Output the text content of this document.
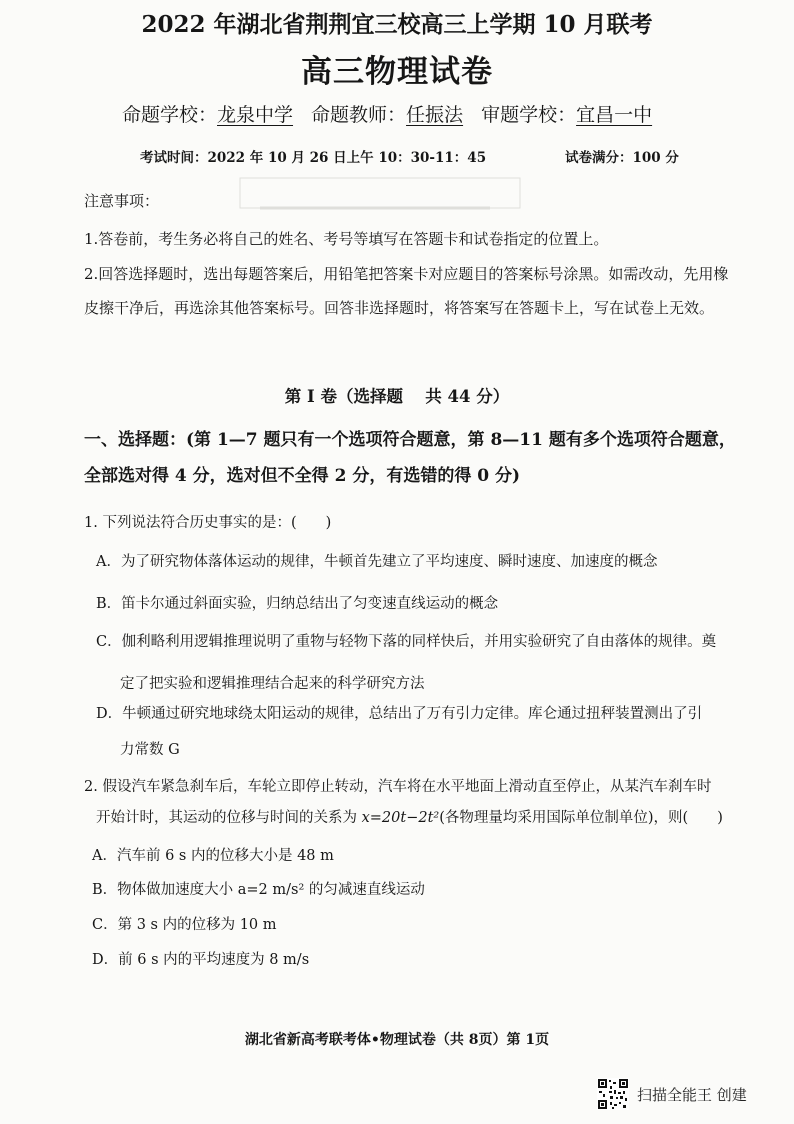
2022 年湖北省荆荆宜三校高三上学期 10 月联考
高三物理试卷
命题学校：龙泉中学 命题教师：任振法 审题学校：宜昌一中
考试时间：2022 年 10 月 26 日上午 10：30-11：45	试卷满分：100 分
注意事项：
1.答卷前，考生务必将自己的姓名、考号等填写在答题卡和试卷指定的位置上。
2.回答选择题时，选出每题答案后，用铅笔把答案卡对应题目的答案标号涂黑。如需改动，先用橡皮擦干净后，再选涂其他答案标号。回答非选择题时，将答案写在答题卡上，写在试卷上无效。
第 I 卷（选择题　 共 44 分）
一、选择题：(第 1—7 题只有一个选项符合题意，第 8—11 题有多个选项符合题意，全部选对得 4 分，选对但不全得 2 分，有选错的得 0 分)
1. 下列说法符合历史事实的是：(　　)
A．为了研究物体落体运动的规律，牛顿首先建立了平均速度、瞬时速度、加速度的概念
B．笛卡尔通过斜面实验，归纳总结出了匀变速直线运动的概念
C．伽利略利用逻辑推理说明了重物与轻物下落的同样快后，并用实验研究了自由落体的规律。奠
定了把实验和逻辑推理结合起来的科学研究方法
D．牛顿通过研究地球绕太阳运动的规律，总结出了万有引力定律。库仑通过扭秤装置测出了引
力常数 G
2. 假设汽车紧急刹车后，车轮立即停止转动，汽车将在水平地面上滑动直至停止，从某汽车刹车时
开始计时，其运动的位移与时间的关系为 x=20t−2t²(各物理量均采用国际单位制单位)，则(　　)
A．汽车前 6 s 内的位移大小是 48 m
B．物体做加速度大小 a=2 m/s² 的匀减速直线运动
C．第 3 s 内的位移为 10 m
D．前 6 s 内的平均速度为 8 m/s
湖北省新高考联考体•物理试卷（共 8页）第 1页
扫描全能王 创建
